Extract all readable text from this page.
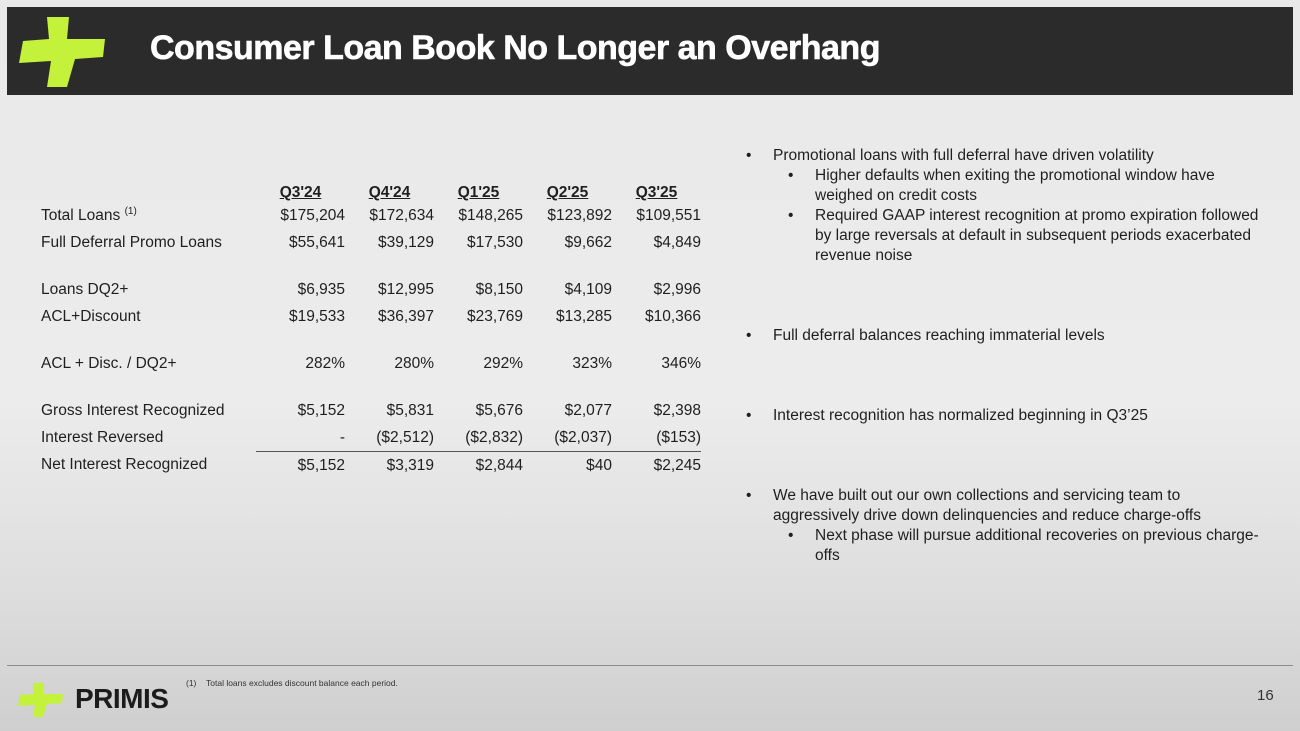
Consumer Loan Book No Longer an Overhang
	Q3'24	Q4'24	Q1'25	Q2'25	Q3'25
Total Loans $^{(1)}$	$175,204	$172,634	$148,265	$123,892	$109,551
Full Deferral Promo Loans	$55,641	$39,129	$17,530	$9,662	$4,849

Loans DQ2+	$6,935	$12,995	$8,150	$4,109	$2,996
ACL+Discount	$19,533	$36,397	$23,769	$13,285	$10,366

ACL + Disc. / DQ2+	282%	280%	292%	323%	346%

Gross Interest Recognized	$5,152	$5,831	$5,676	$2,077	$2,398
Interest Reversed	-	($2,512)	($2,832)	($2,037)	($153)
Net Interest Recognized	$5,152	$3,319	$2,844	$40	$2,245
• Promotional loans with full deferral have driven volatility
• Higher defaults when exiting the promotional window have weighed on credit costs
• Required GAAP interest recognition at promo expiration followed by large reversals at default in subsequent periods exacerbated revenue noise
• Full deferral balances reaching immaterial levels
• Interest recognition has normalized beginning in Q3’25
• We have built out our own collections and servicing team to aggressively drive down delinquencies and reduce charge-offs
• Next phase will pursue additional recoveries on previous charge-offs
(1) Total loans excludes discount balance each period.
PRIMIS	16
